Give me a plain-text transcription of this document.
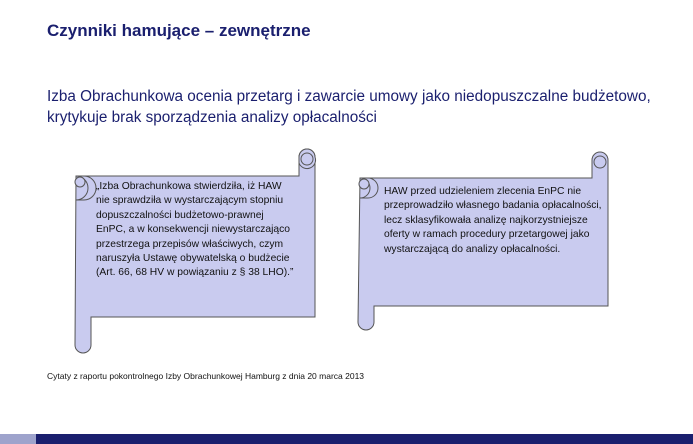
Czynniki hamujące – zewnętrzne

Izba Obrachunkowa ocenia przetarg i zawarcie umowy jako niedopuszczalne budżetowo, krytykuje brak sporządzenia analizy opłacalności

„Izba Obrachunkowa stwierdziła, iż HAW nie sprawdziła w wystarczającym stopniu dopuszczalności budżetowo-prawnej EnPC, a w konsekwencji niewystarczająco przestrzega przepisów właściwych, czym naruszyła Ustawę obywatelską o budżecie (Art. 66, 68 HV w powiązaniu z § 38 LHO).”

HAW przed udzieleniem zlecenia EnPC nie przeprowadziło własnego badania opłacalności, lecz sklasyfikowała analizę najkorzystniejsze oferty w ramach procedury przetargowej jako wystarczającą do analizy opłacalności.

Cytaty z raportu pokontrolnego Izby Obrachunkowej Hamburg z dnia 20 marca 2013
